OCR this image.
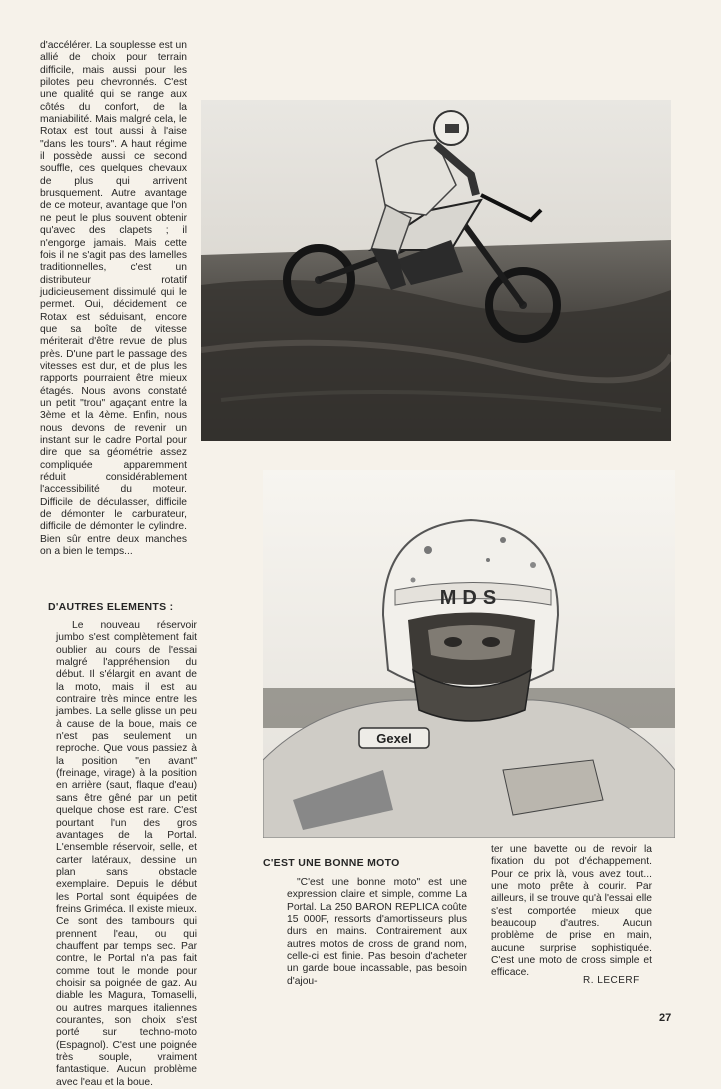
d'accélérer. La souplesse est un allié de choix pour terrain difficile, mais aussi pour les pilotes peu chevronnés. C'est une qualité qui se range aux côtés du confort, de la maniabilité. Mais malgré cela, le Rotax est tout aussi à l'aise "dans les tours". A haut régime il possède aussi ce second souffle, ces quelques chevaux de plus qui arrivent brusquement. Autre avantage de ce moteur, avantage que l'on ne peut le plus souvent obtenir qu'avec des clapets ; il n'engorge jamais. Mais cette fois il ne s'agit pas des lamelles traditionnelles, c'est un distributeur rotatif judicieusement dissimulé qui le permet. Oui, décidement ce Rotax est séduisant, encore que sa boîte de vitesse mériterait d'être revue de plus près. D'une part le passage des vitesses est dur, et de plus les rapports pourraient être mieux étagés. Nous avons constaté un petit "trou" agaçant entre la 3ème et la 4ème. Enfin, nous nous devons de revenir un instant sur le cadre Portal pour dire que sa géométrie assez compliquée apparemment réduit considérablement l'accessibilité du moteur. Difficile de déculasser, difficile de démonter le carburateur, difficile de démonter le cylindre. Bien sûr entre deux manches on a bien le temps...

Gexel
MDS
D'AUTRES ELEMENTS :

Le nouveau réservoir jumbo s'est complètement fait oublier au cours de l'essai malgré l'appréhension du début. Il s'élargit en avant de la moto, mais il est au contraire très mince entre les jambes. La selle glisse un peu à cause de la boue, mais ce n'est pas seulement un reproche. Que vous passiez à la position "en avant" (freinage, virage) à la position en arrière (saut, flaque d'eau) sans être gêné par un petit quelque chose est rare. C'est pourtant l'un des gros avantages de la Portal. L'ensemble réservoir, selle, et carter latéraux, dessine un plan sans obstacle exemplaire. Depuis le début les Portal sont équipées de freins Griméca. Il existe mieux. Ce sont des tambours qui prennent l'eau, ou qui chauffent par temps sec. Par contre, le Portal n'a pas fait comme tout le monde pour choisir sa poignée de gaz. Au diable les Magura, Tomaselli, ou autres marques italiennes courantes, son choix s'est porté sur techno-moto (Espagnol). C'est une poignée très souple, vraiment fantastique. Aucun problème avec l'eau et la boue.

C'EST UNE BONNE MOTO

"C'est une bonne moto" est une expression claire et simple, comme La Portal. La 250 BARON REPLICA coûte 15 000F, ressorts d'amortisseurs plus durs en mains. Contrairement aux autres motos de cross de grand nom, celle-ci est finie. Pas besoin d'acheter un garde boue incassable, pas besoin d'ajou-

ter une bavette ou de revoir la fixation du pot d'échappement. Pour ce prix là, vous avez tout... une moto prête à courir. Par ailleurs, il se trouve qu'à l'essai elle s'est comportée mieux que beaucoup d'autres. Aucun problème de prise en main, aucune surprise sophistiquée. C'est une moto de cross simple et efficace.

R. LECERF
27
